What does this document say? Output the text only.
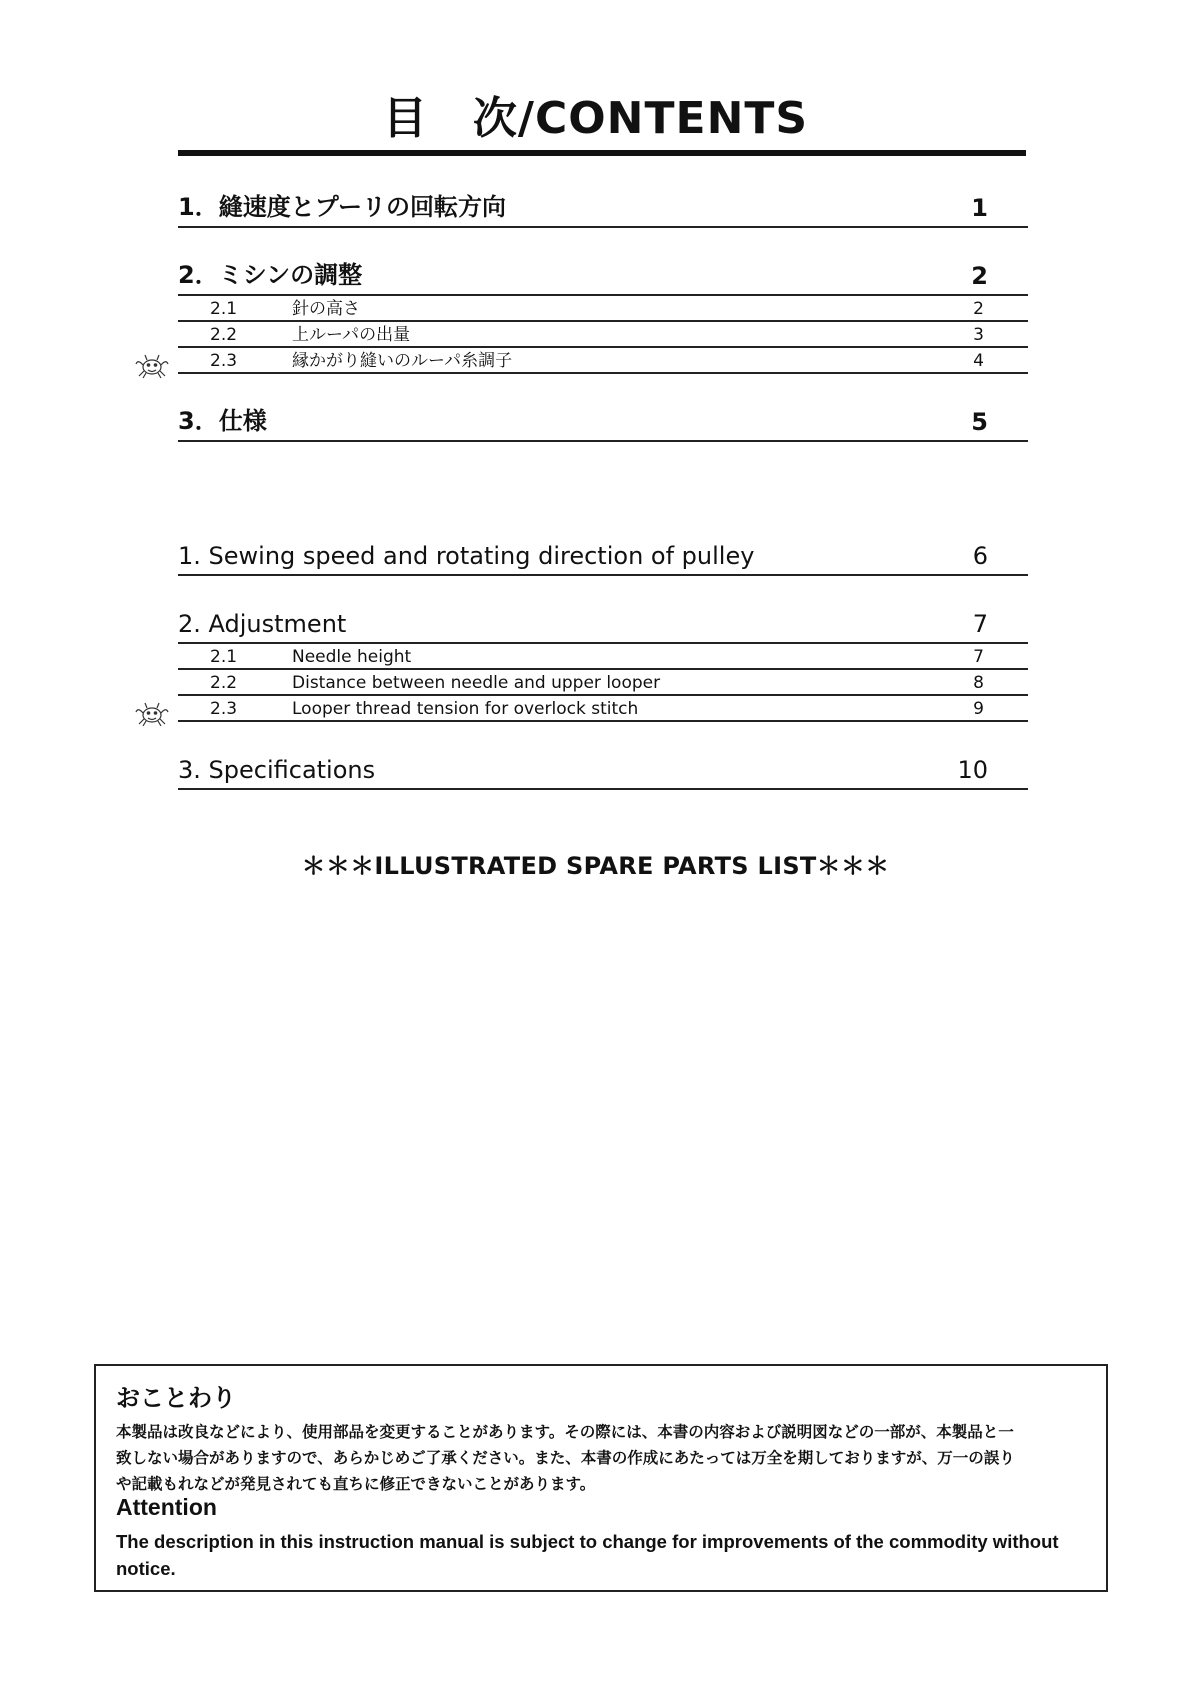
目　次/CONTENTS
1．縫速度とプーリの回転方向	1
2．ミシンの調整	2
2.1	針の高さ	2
2.2	上ルーパの出量	3
2.3	縁かがり縫いのルーパ糸調子	4
3．仕様	5
1. Sewing speed and rotating direction of pulley	6
2. Adjustment	7
2.1	Needle height	7
2.2	Distance between needle and upper looper	8
2.3	Looper thread tension for overlock stitch	9
3. Specifications	10
＊＊＊ILLUSTRATED SPARE PARTS LIST＊＊＊
おことわり
本製品は改良などにより、使用部品を変更することがあります。その際には、本書の内容および説明図などの一部が、本製品と一
致しない場合がありますので、あらかじめご了承ください。また、本書の作成にあたっては万全を期しておりますが、万一の誤り
や記載もれなどが発見されても直ちに修正できないことがあります。
Attention
The description in this instruction manual is subject to change for improvements of the commodity without notice.
